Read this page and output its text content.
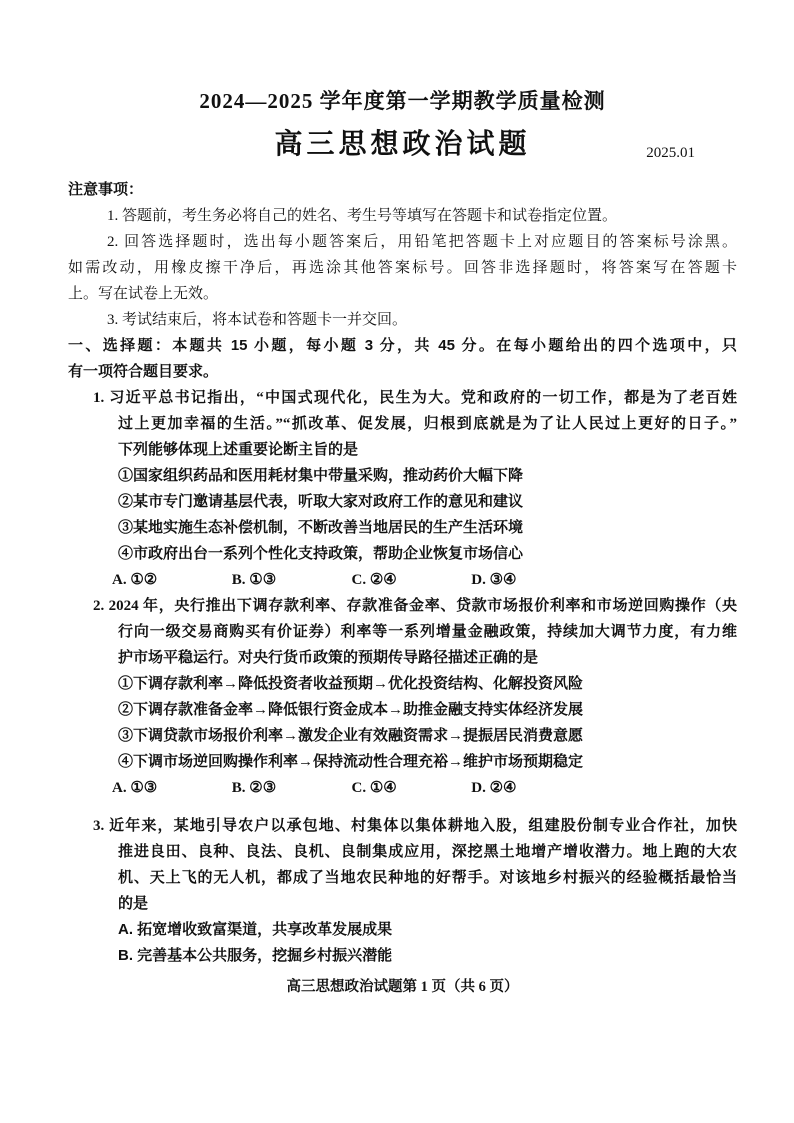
2024—2025 学年度第一学期教学质量检测
高三思想政治试题	2025.01
注意事项：
1. 答题前，考生务必将自己的姓名、考生号等填写在答题卡和试卷指定位置。
2. 回答选择题时，选出每小题答案后，用铅笔把答题卡上对应题目的答案标号涂黑。
如需改动，用橡皮擦干净后，再选涂其他答案标号。回答非选择题时，将答案写在答题卡
上。写在试卷上无效。
3. 考试结束后，将本试卷和答题卡一并交回。
一、选择题：本题共 15 小题，每小题 3 分，共 45 分。在每小题给出的四个选项中，只
有一项符合题目要求。
1. 习近平总书记指出，“中国式现代化，民生为大。党和政府的一切工作，都是为了老百姓
过上更加幸福的生活。”“抓改革、促发展，归根到底就是为了让人民过上更好的日子。”
下列能够体现上述重要论断主旨的是
①国家组织药品和医用耗材集中带量采购，推动药价大幅下降
②某市专门邀请基层代表，听取大家对政府工作的意见和建议
③某地实施生态补偿机制，不断改善当地居民的生产生活环境
④市政府出台一系列个性化支持政策，帮助企业恢复市场信心
A. ①②	B. ①③	C. ②④	D. ③④
2. 2024 年，央行推出下调存款利率、存款准备金率、贷款市场报价利率和市场逆回购操作（央
行向一级交易商购买有价证券）利率等一系列增量金融政策，持续加大调节力度，有力维
护市场平稳运行。对央行货币政策的预期传导路径描述正确的是
①下调存款利率→降低投资者收益预期→优化投资结构、化解投资风险
②下调存款准备金率→降低银行资金成本→助推金融支持实体经济发展
③下调贷款市场报价利率→激发企业有效融资需求→提振居民消费意愿
④下调市场逆回购操作利率→保持流动性合理充裕→维护市场预期稳定
A. ①③	B. ②③	C. ①④	D. ②④
3. 近年来，某地引导农户以承包地、村集体以集体耕地入股，组建股份制专业合作社，加快
推进良田、良种、良法、良机、良制集成应用，深挖黑土地增产增收潜力。地上跑的大农
机、天上飞的无人机，都成了当地农民种地的好帮手。对该地乡村振兴的经验概括最恰当
的是
A. 拓宽增收致富渠道，共享改革发展成果
B. 完善基本公共服务，挖掘乡村振兴潜能
高三思想政治试题第 1 页（共 6 页）
